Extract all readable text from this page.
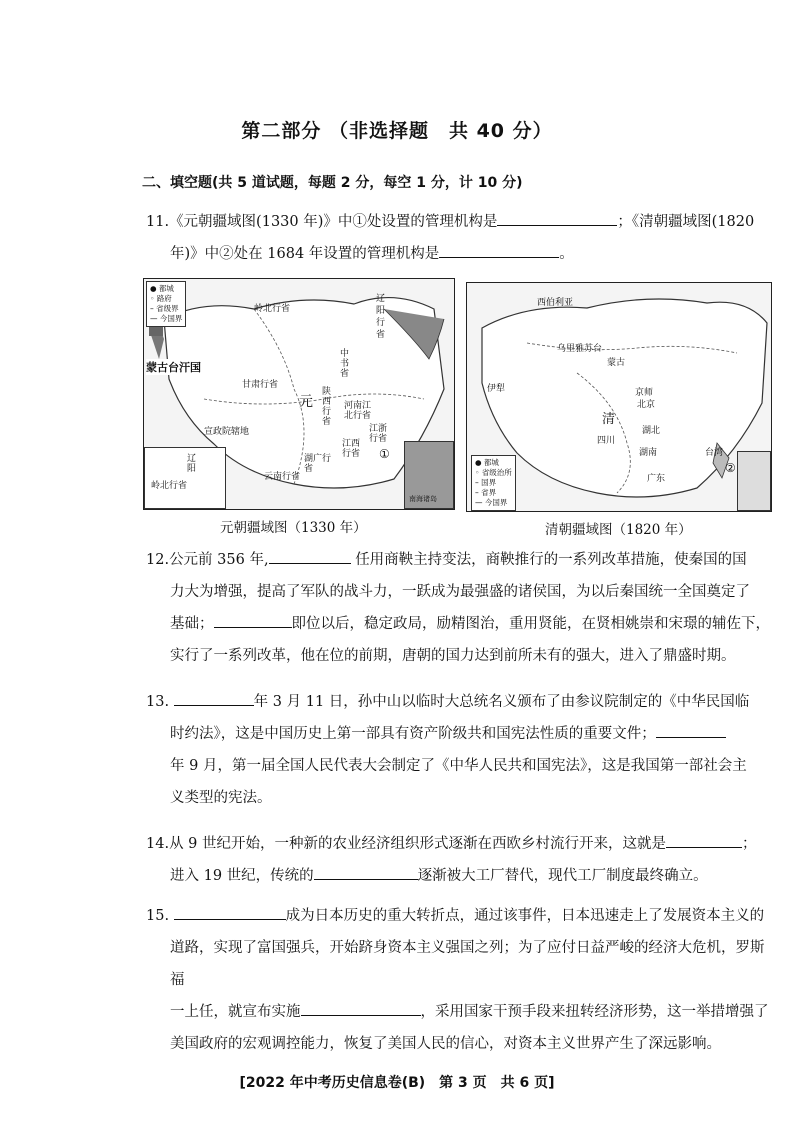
第二部分 （非选择题　共 40 分）
二、填空题(共 5 道试题，每题 2 分，每空 1 分，计 10 分)
11.《元朝疆域图(1330 年)》中①处设置的管理机构是	；《清朝疆域图(1820
年)》中②处在 1684 年设置的管理机构是	。
● 都城
◦ 路府
– 省级界
— 今国界
岭北行省
辽阳行省
蒙古台汗国
元
甘肃行省
中书省
宣政院辖地
陕西行省
河南江北行省
江浙行省
江西行省
湖广行省
云南行省
①
辽阳
岭北行省
南海诸岛
元朝疆域图（1330 年）
西伯利亚
乌里雅苏台
伊犁	京师
北京
清
台湾
四川
湖北
湖南
广东
蒙古
②
● 都城
◦ 省级治所
– 国界
– 省界
— 今国界
清朝疆域图（1820 年）
12.公元前 356 年,	任用商鞅主持变法，商鞅推行的一系列改革措施，使秦国的国
力大为增强，提高了军队的战斗力，一跃成为最强盛的诸侯国，为以后秦国统一全国奠定了
基础；	即位以后，稳定政局，励精图治，重用贤能，在贤相姚崇和宋璟的辅佐下，
实行了一系列改革，他在位的前期，唐朝的国力达到前所未有的强大，进入了鼎盛时期。
13.	年 3 月 11 日，孙中山以临时大总统名义颁布了由参议院制定的《中华民国临
时约法》，这是中国历史上第一部具有资产阶级共和国宪法性质的重要文件；
年 9 月，第一届全国人民代表大会制定了《中华人民共和国宪法》，这是我国第一部社会主
义类型的宪法。
14.从 9 世纪开始，一种新的农业经济组织形式逐渐在西欧乡村流行开来，这就是	；
进入 19 世纪，传统的	逐渐被大工厂替代，现代工厂制度最终确立。
15.	成为日本历史的重大转折点，通过该事件，日本迅速走上了发展资本主义的
道路，实现了富国强兵，开始跻身资本主义强国之列；为了应付日益严峻的经济大危机，罗斯福
一上任，就宣布实施	，采用国家干预手段来扭转经济形势，这一举措增强了
美国政府的宏观调控能力，恢复了美国人民的信心，对资本主义世界产生了深远影响。
[2022 年中考历史信息卷(B)　第 3 页　共 6 页]
